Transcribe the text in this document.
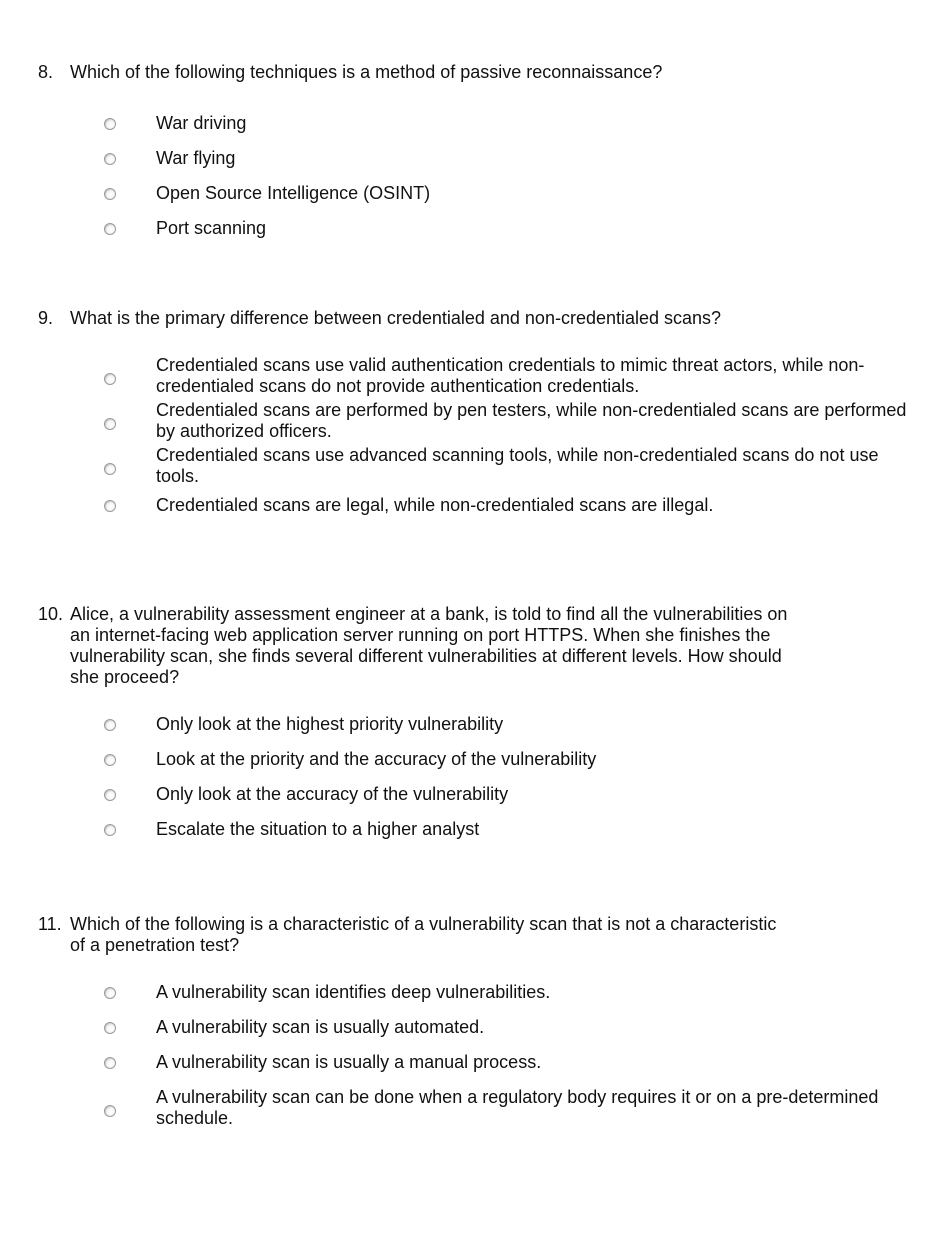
8. Which of the following techniques is a method of passive reconnaissance?
War driving
War flying
Open Source Intelligence (OSINT)
Port scanning
9. What is the primary difference between credentialed and non-credentialed scans?
Credentialed scans use valid authentication credentials to mimic threat actors, while non-credentialed scans do not provide authentication credentials.
Credentialed scans are performed by pen testers, while non-credentialed scans are performed by authorized officers.
Credentialed scans use advanced scanning tools, while non-credentialed scans do not use tools.
Credentialed scans are legal, while non-credentialed scans are illegal.
10. Alice, a vulnerability assessment engineer at a bank, is told to find all the vulnerabilities on an internet-facing web application server running on port HTTPS. When she finishes the vulnerability scan, she finds several different vulnerabilities at different levels. How should she proceed?
Only look at the highest priority vulnerability
Look at the priority and the accuracy of the vulnerability
Only look at the accuracy of the vulnerability
Escalate the situation to a higher analyst
11. Which of the following is a characteristic of a vulnerability scan that is not a characteristic of a penetration test?
A vulnerability scan identifies deep vulnerabilities.
A vulnerability scan is usually automated.
A vulnerability scan is usually a manual process.
A vulnerability scan can be done when a regulatory body requires it or on a pre-determined schedule.
